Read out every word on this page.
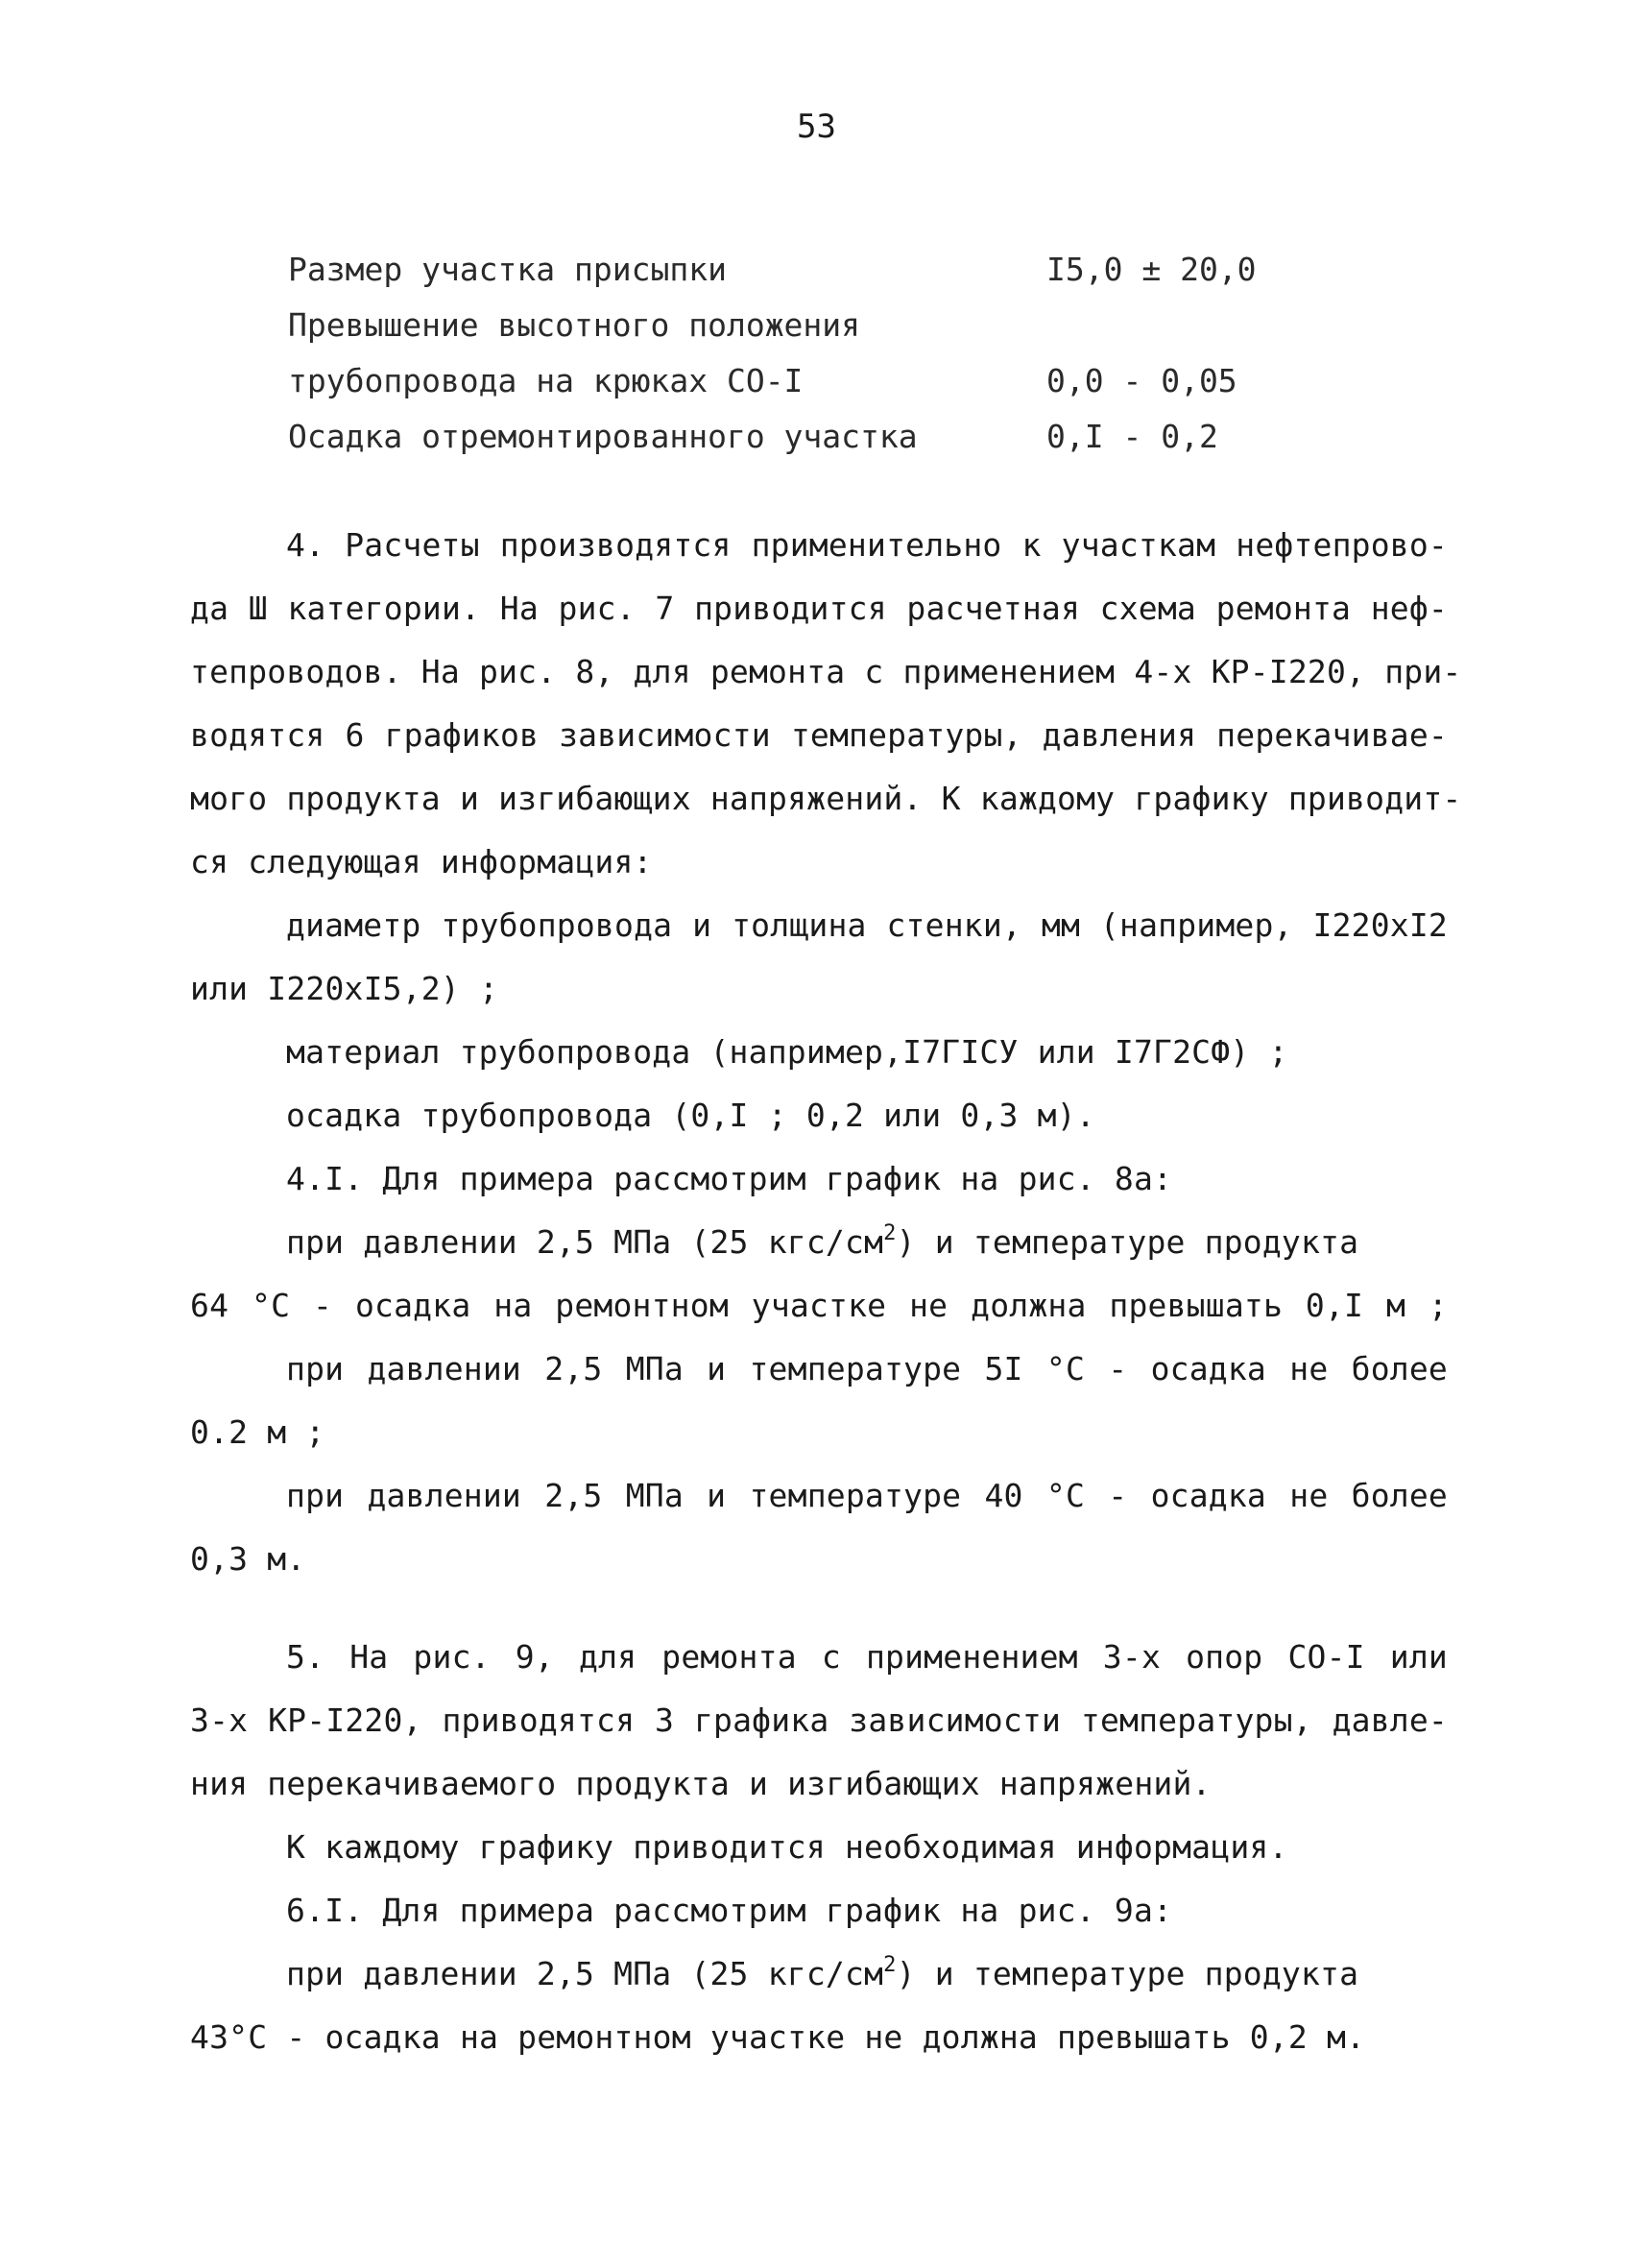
53
Размер участка присыпки	I5,0 ± 20,0
Превышение высотного положения
трубопровода на крюках СО-I	0,0 - 0,05
Осадка отремонтированного участка	0,I - 0,2
4. Расчеты производятся применительно к участкам нефтепрово-
да Ш категории. На рис. 7 приводится расчетная схема ремонта неф-
тепроводов. На рис. 8, для ремонта с применением 4-х КР-I220, при-
водятся 6 графиков зависимости температуры, давления перекачивае-
мого продукта и изгибающих напряжений. К каждому графику приводит-
ся следующая информация:
диаметр трубопровода и толщина стенки, мм (например, I220хI2
или I220хI5,2) ;
материал трубопровода (например,I7ГIСУ или I7Г2СФ) ;
осадка трубопровода (0,I ; 0,2 или 0,3 м).
4.I. Для примера рассмотрим график на рис. 8а:
при давлении 2,5 МПа (25 кгс/$см^2$) и температуре продукта
64 °С - осадка на ремонтном участке не должна превышать 0,I м ;
при давлении 2,5 МПа и температуре 5I °С - осадка не более
0.2 м ;
при давлении 2,5 МПа и температуре 40 °С - осадка не более
0,3 м.
5. На рис. 9, для ремонта с применением 3-х опор СО-I или
3-х КР-I220, приводятся 3 графика зависимости температуры, давле-
ния перекачиваемого продукта и изгибающих напряжений.
К каждому графику приводится необходимая информация.
6.I. Для примера рассмотрим график на рис. 9а:
при давлении 2,5 МПа (25 кгс/$см^2$) и температуре продукта
43°С - осадка на ремонтном участке не должна превышать 0,2 м.
